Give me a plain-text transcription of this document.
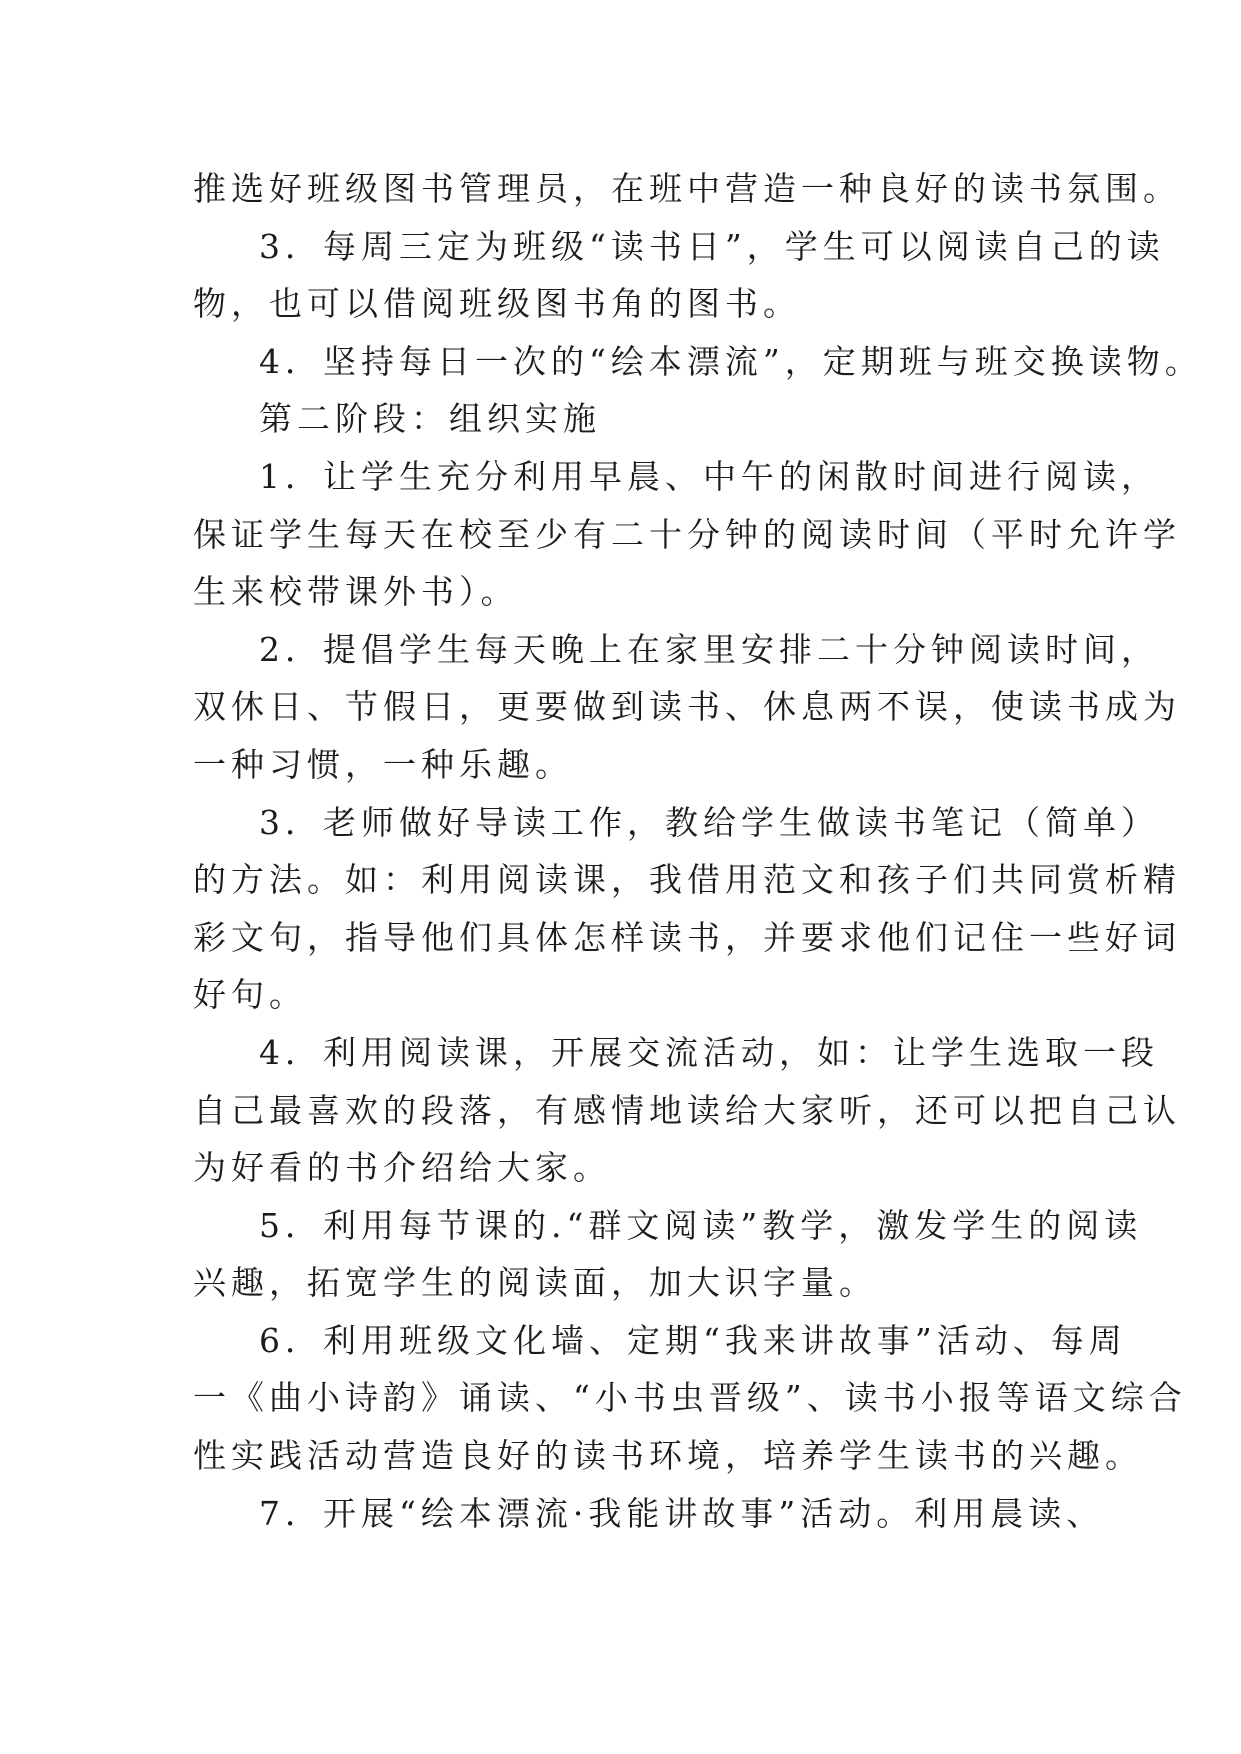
推选好班级图书管理员，在班中营造一种良好的读书氛围。
3．每周三定为班级“读书日”，学生可以阅读自己的读
物，也可以借阅班级图书角的图书。
4．坚持每日一次的“绘本漂流”，定期班与班交换读物。
第二阶段：组织实施
1．让学生充分利用早晨、中午的闲散时间进行阅读，
保证学生每天在校至少有二十分钟的阅读时间（平时允许学
生来校带课外书）。
2．提倡学生每天晚上在家里安排二十分钟阅读时间，
双休日、节假日，更要做到读书、休息两不误，使读书成为
一种习惯，一种乐趣。
3．老师做好导读工作，教给学生做读书笔记（简单）
的方法。如：利用阅读课，我借用范文和孩子们共同赏析精
彩文句，指导他们具体怎样读书，并要求他们记住一些好词
好句。
4．利用阅读课，开展交流活动，如：让学生选取一段
自己最喜欢的段落，有感情地读给大家听，还可以把自己认
为好看的书介绍给大家。
5．利用每节课的.“群文阅读”教学，激发学生的阅读
兴趣，拓宽学生的阅读面，加大识字量。
6．利用班级文化墙、定期“我来讲故事”活动、每周
一《曲小诗韵》诵读、“小书虫晋级”、读书小报等语文综合
性实践活动营造良好的读书环境，培养学生读书的兴趣。
7．开展“绘本漂流·我能讲故事”活动。利用晨读、
